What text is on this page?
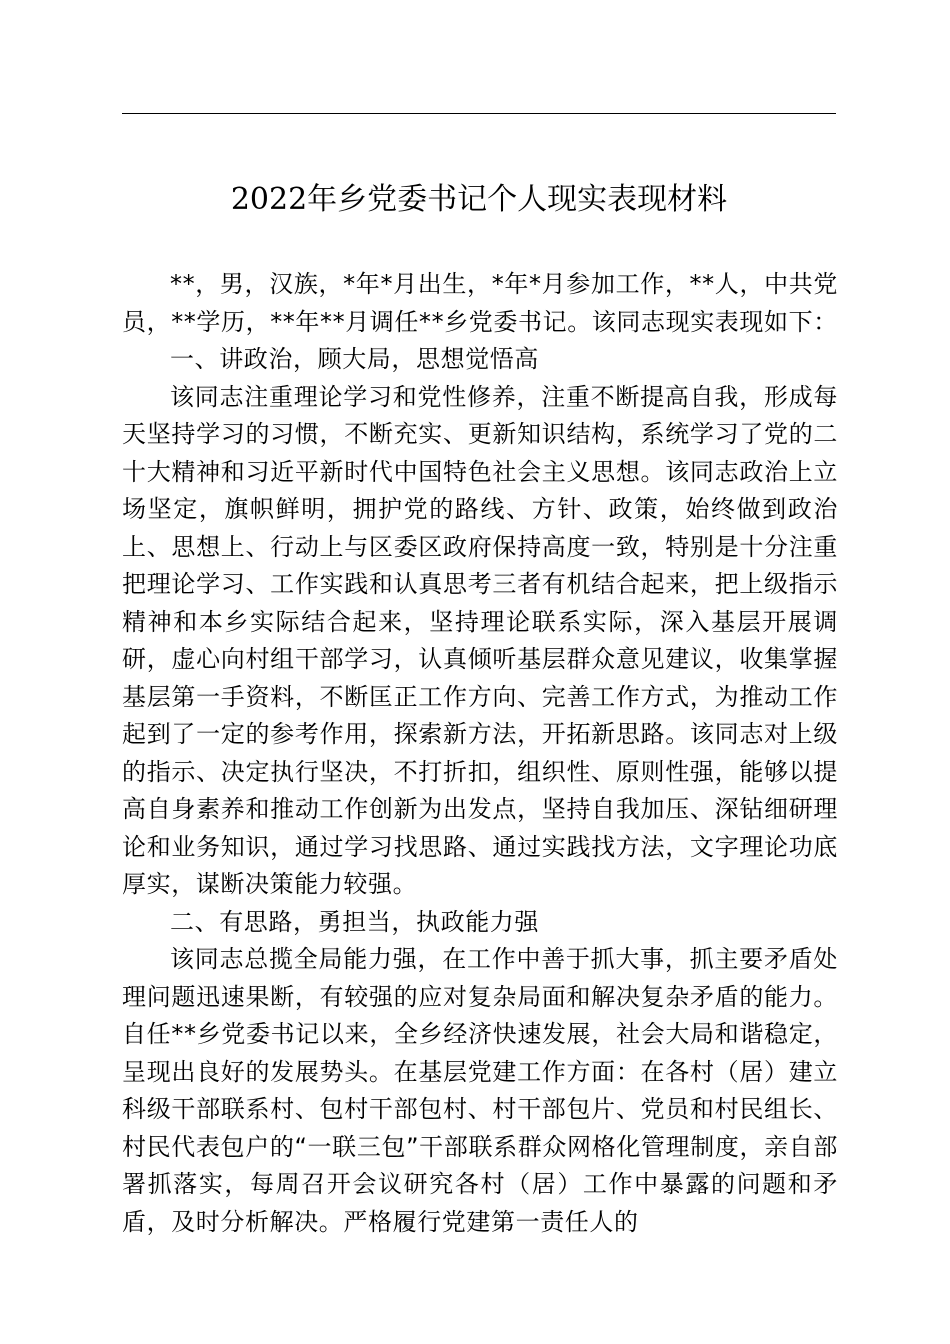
2022年乡党委书记个人现实表现材料

**，男，汉族，*年*月出生，*年*月参加工作，**人，中共党员，**学历，**年**月调任**乡党委书记。该同志现实表现如下：

一、讲政治，顾大局，思想觉悟高

该同志注重理论学习和党性修养，注重不断提高自我，形成每天坚持学习的习惯，不断充实、更新知识结构，系统学习了党的二十大精神和习近平新时代中国特色社会主义思想。该同志政治上立场坚定，旗帜鲜明，拥护党的路线、方针、政策，始终做到政治上、思想上、行动上与区委区政府保持高度一致，特别是十分注重把理论学习、工作实践和认真思考三者有机结合起来，把上级指示精神和本乡实际结合起来，坚持理论联系实际，深入基层开展调研，虚心向村组干部学习，认真倾听基层群众意见建议，收集掌握基层第一手资料，不断匡正工作方向、完善工作方式，为推动工作起到了一定的参考作用，探索新方法，开拓新思路。该同志对上级的指示、决定执行坚决，不打折扣，组织性、原则性强，能够以提高自身素养和推动工作创新为出发点，坚持自我加压、深钻细研理论和业务知识，通过学习找思路、通过实践找方法，文字理论功底厚实，谋断决策能力较强。

二、有思路，勇担当，执政能力强

该同志总揽全局能力强，在工作中善于抓大事，抓主要矛盾处理问题迅速果断，有较强的应对复杂局面和解决复杂矛盾的能力。自任**乡党委书记以来，全乡经济快速发展，社会大局和谐稳定，呈现出良好的发展势头。在基层党建工作方面：在各村（居）建立科级干部联系村、包村干部包村、村干部包片、党员和村民组长、村民代表包户的“一联三包”干部联系群众网格化管理制度，亲自部署抓落实，每周召开会议研究各村（居）工作中暴露的问题和矛盾，及时分析解决。严格履行党建第一责任人的
